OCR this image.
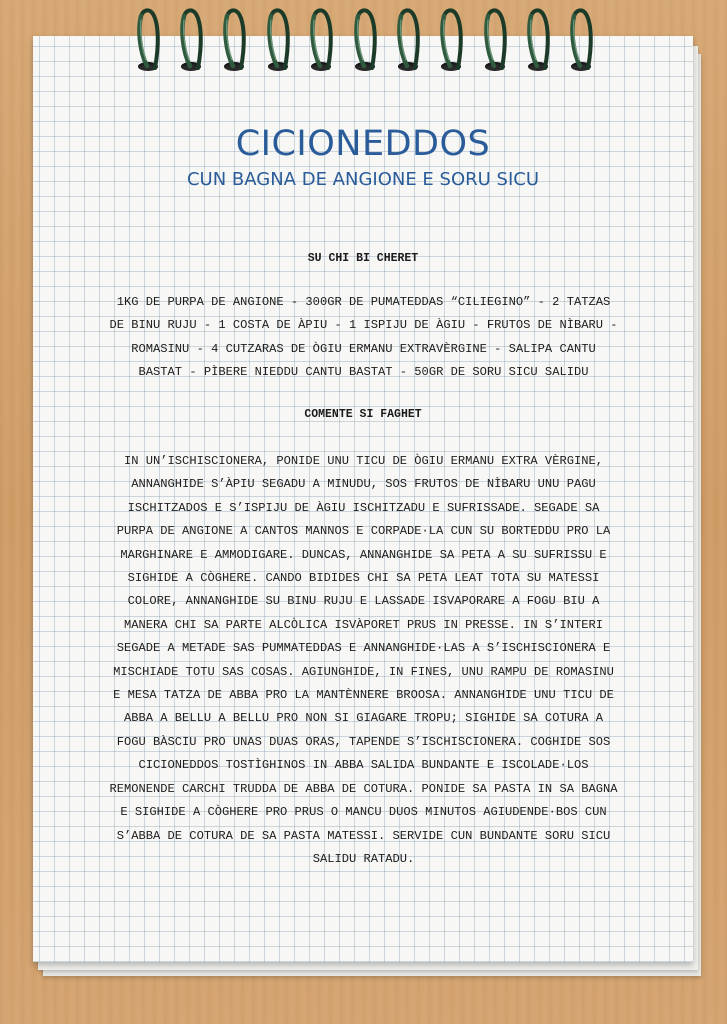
CICIONEDDOS
CUN BAGNA DE ANGIONE E SORU SICU
SU CHI BI CHERET
1KG DE PURPA DE ANGIONE - 300GR DE PUMATEDDAS “CILIEGINO” - 2 TATZAS
DE BINU RUJU - 1 COSTA DE ÀPIU - 1 ISPIJU DE ÀGIU - FRUTOS DE NÌBARU -
ROMASINU - 4 CUTZARAS DE ÒGIU ERMANU EXTRAVÈRGINE - SALIPA CANTU
BASTAT - PÌBERE NIEDDU CANTU BASTAT - 50GR DE SORU SICU SALIDU
COMENTE SI FAGHET
IN UN’ISCHISCIONERA, PONIDE UNU TICU DE ÒGIU ERMANU EXTRA VÈRGINE,
ANNANGHIDE S’ÀPIU SEGADU A MINUDU, SOS FRUTOS DE NÌBARU UNU PAGU
ISCHITZADOS E S’ISPIJU DE ÀGIU ISCHITZADU E SUFRISSADE. SEGADE SA
PURPA DE ANGIONE A CANTOS MANNOS E CORPADE·LA CUN SU BORTEDDU PRO LA
MARGHINARE E AMMODIGARE. DUNCAS, ANNANGHIDE SA PETA A SU SUFRISSU E
SIGHIDE A CÒGHERE. CANDO BIDIDES CHI SA PETA LEAT TOTA SU MATESSI
COLORE, ANNANGHIDE SU BINU RUJU E LASSADE ISVAPORARE A FOGU BIU A
MANERA CHI SA PARTE ALCÒLICA ISVÀPORET PRUS IN PRESSE. IN S’INTERI
SEGADE A METADE SAS PUMMATEDDAS E ANNANGHIDE·LAS A S’ISCHISCIONERA E
MISCHIADE TOTU SAS COSAS. AGIUNGHIDE, IN FINES, UNU RAMPU DE ROMASINU
E MESA TATZA DE ABBA PRO LA MANTÈNNERE BROOSA. ANNANGHIDE UNU TICU DE
ABBA A BELLU A BELLU PRO NON SI GIAGARE TROPU; SIGHIDE SA COTURA A
FOGU BÀSCIU PRO UNAS DUAS ORAS, TAPENDE S’ISCHISCIONERA. COGHIDE SOS
CICIONEDDOS TOSTÌGHINOS IN ABBA SALIDA BUNDANTE E ISCOLADE·LOS
REMONENDE CARCHI TRUDDA DE ABBA DE COTURA. PONIDE SA PASTA IN SA BAGNA
E SIGHIDE A CÒGHERE PRO PRUS O MANCU DUOS MINUTOS AGIUDENDE·BOS CUN
S’ABBA DE COTURA DE SA PASTA MATESSI. SERVIDE CUN BUNDANTE SORU SICU
SALIDU RATADU.
